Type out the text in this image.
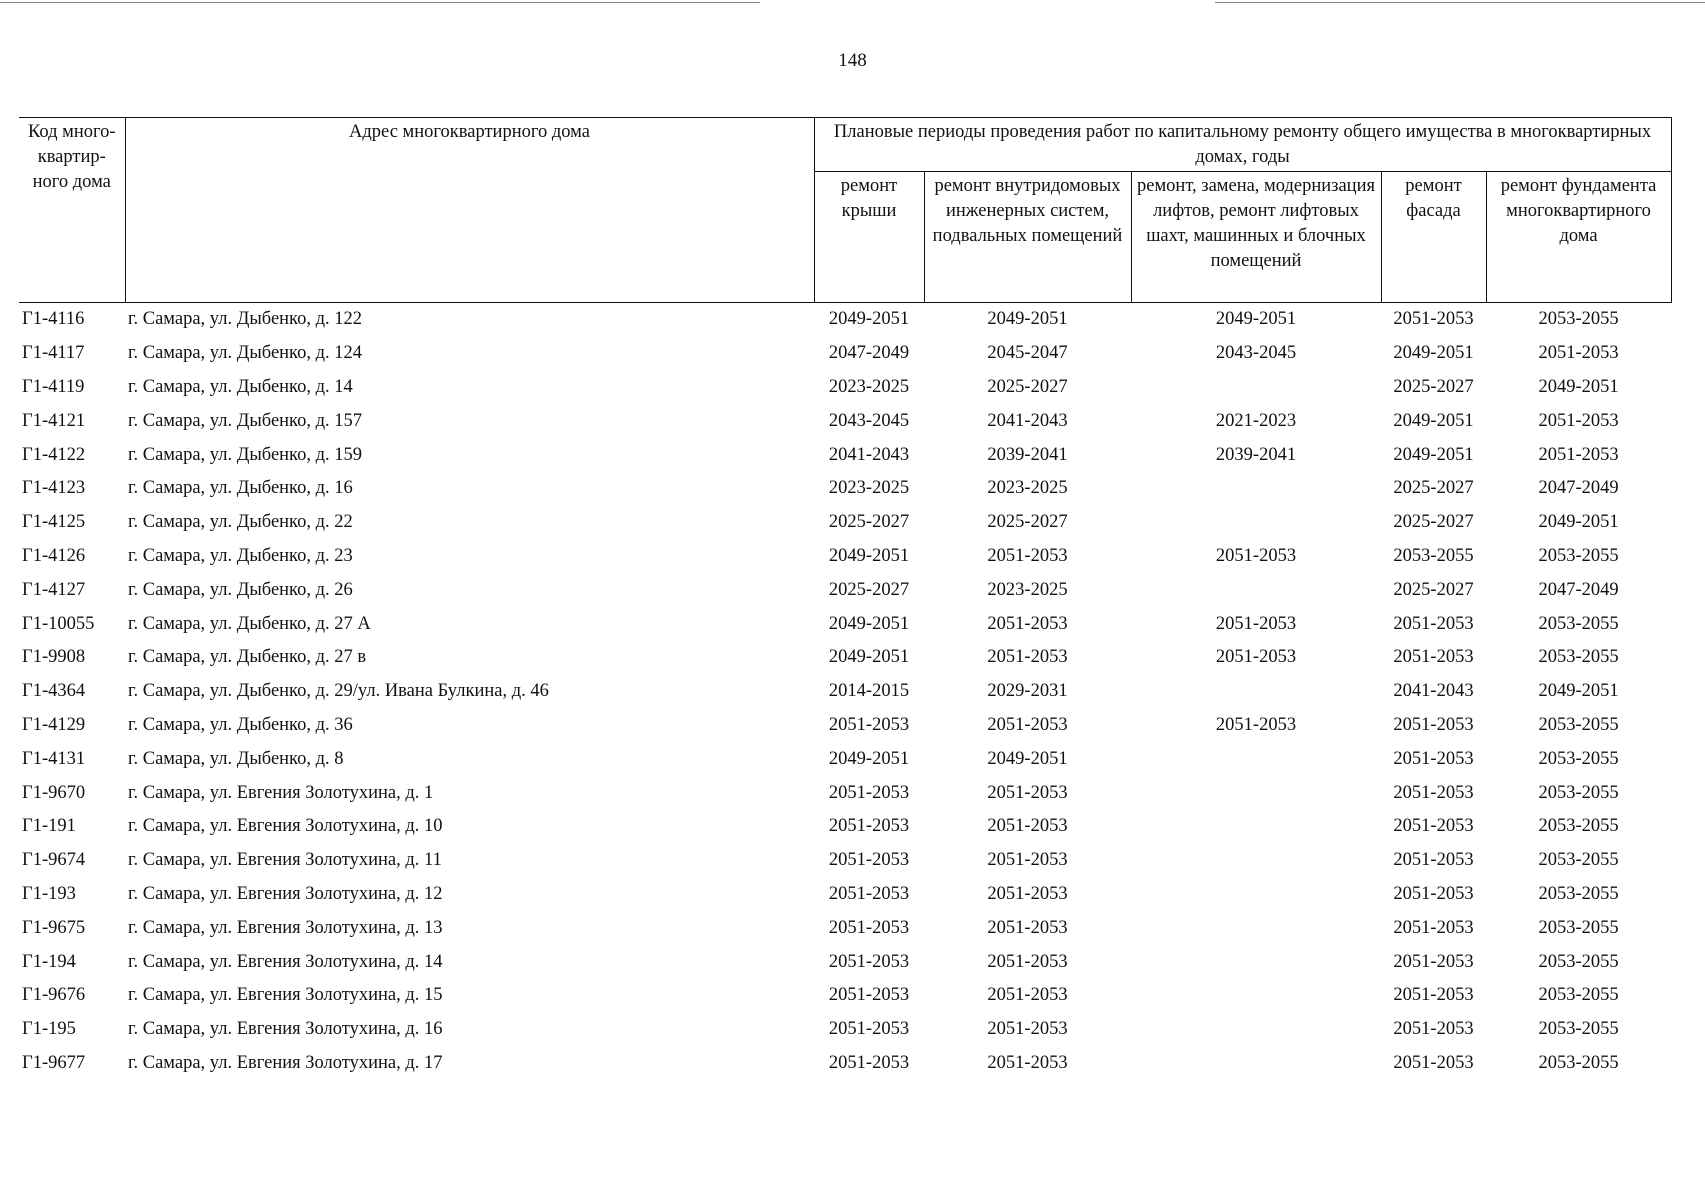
148
Код много-квартир-ного дома	Адрес многоквартирного дома	Плановые периоды проведения работ по капитальному ремонту общего имущества в многоквартирных домах, годы				
		ремонт крыши	ремонт внутридомовых инженерных систем, подвальных помещений	ремонт, замена, модернизация лифтов, ремонт лифтовых шахт, машинных и блочных помещений	ремонт фасада	ремонт фундамента многоквартирного дома
Г1-4116	г. Самара, ул. Дыбенко, д. 122	2049-2051	2049-2051	2049-2051	2051-2053	2053-2055
Г1-4117	г. Самара, ул. Дыбенко, д. 124	2047-2049	2045-2047	2043-2045	2049-2051	2051-2053
Г1-4119	г. Самара, ул. Дыбенко, д. 14	2023-2025	2025-2027		2025-2027	2049-2051
Г1-4121	г. Самара, ул. Дыбенко, д. 157	2043-2045	2041-2043	2021-2023	2049-2051	2051-2053
Г1-4122	г. Самара, ул. Дыбенко, д. 159	2041-2043	2039-2041	2039-2041	2049-2051	2051-2053
Г1-4123	г. Самара, ул. Дыбенко, д. 16	2023-2025	2023-2025		2025-2027	2047-2049
Г1-4125	г. Самара, ул. Дыбенко, д. 22	2025-2027	2025-2027		2025-2027	2049-2051
Г1-4126	г. Самара, ул. Дыбенко, д. 23	2049-2051	2051-2053	2051-2053	2053-2055	2053-2055
Г1-4127	г. Самара, ул. Дыбенко, д. 26	2025-2027	2023-2025		2025-2027	2047-2049
Г1-10055	г. Самара, ул. Дыбенко, д. 27 А	2049-2051	2051-2053	2051-2053	2051-2053	2053-2055
Г1-9908	г. Самара, ул. Дыбенко, д. 27 в	2049-2051	2051-2053	2051-2053	2051-2053	2053-2055
Г1-4364	г. Самара, ул. Дыбенко, д. 29/ул. Ивана Булкина, д. 46	2014-2015	2029-2031		2041-2043	2049-2051
Г1-4129	г. Самара, ул. Дыбенко, д. 36	2051-2053	2051-2053	2051-2053	2051-2053	2053-2055
Г1-4131	г. Самара, ул. Дыбенко, д. 8	2049-2051	2049-2051		2051-2053	2053-2055
Г1-9670	г. Самара, ул. Евгения Золотухина, д. 1	2051-2053	2051-2053		2051-2053	2053-2055
Г1-191	г. Самара, ул. Евгения Золотухина, д. 10	2051-2053	2051-2053		2051-2053	2053-2055
Г1-9674	г. Самара, ул. Евгения Золотухина, д. 11	2051-2053	2051-2053		2051-2053	2053-2055
Г1-193	г. Самара, ул. Евгения Золотухина, д. 12	2051-2053	2051-2053		2051-2053	2053-2055
Г1-9675	г. Самара, ул. Евгения Золотухина, д. 13	2051-2053	2051-2053		2051-2053	2053-2055
Г1-194	г. Самара, ул. Евгения Золотухина, д. 14	2051-2053	2051-2053		2051-2053	2053-2055
Г1-9676	г. Самара, ул. Евгения Золотухина, д. 15	2051-2053	2051-2053		2051-2053	2053-2055
Г1-195	г. Самара, ул. Евгения Золотухина, д. 16	2051-2053	2051-2053		2051-2053	2053-2055
Г1-9677	г. Самара, ул. Евгения Золотухина, д. 17	2051-2053	2051-2053		2051-2053	2053-2055
